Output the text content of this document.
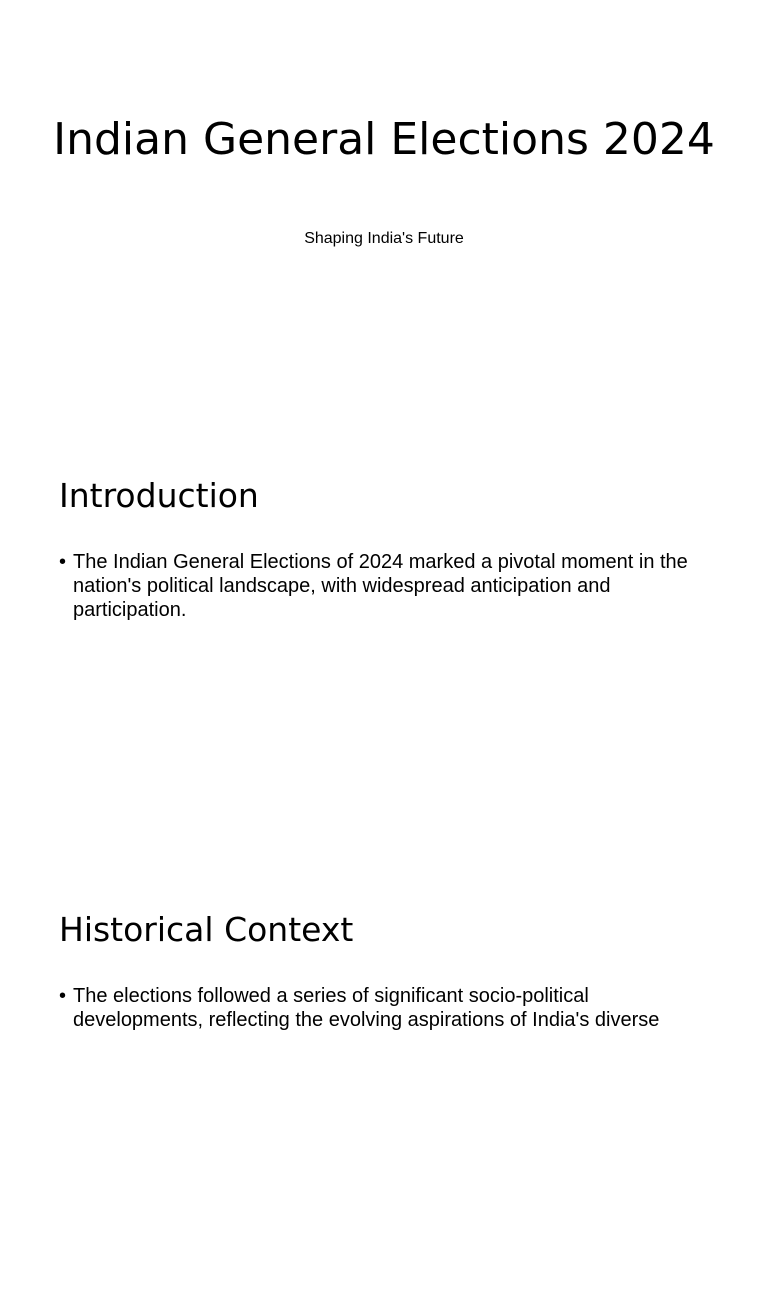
Indian General Elections 2024

Shaping India's Future

Introduction
• The Indian General Elections of 2024 marked a pivotal moment in the nation's political landscape, with widespread anticipation and participation.
Historical Context
• The elections followed a series of significant socio-political developments, reflecting the evolving aspirations of India's diverse
